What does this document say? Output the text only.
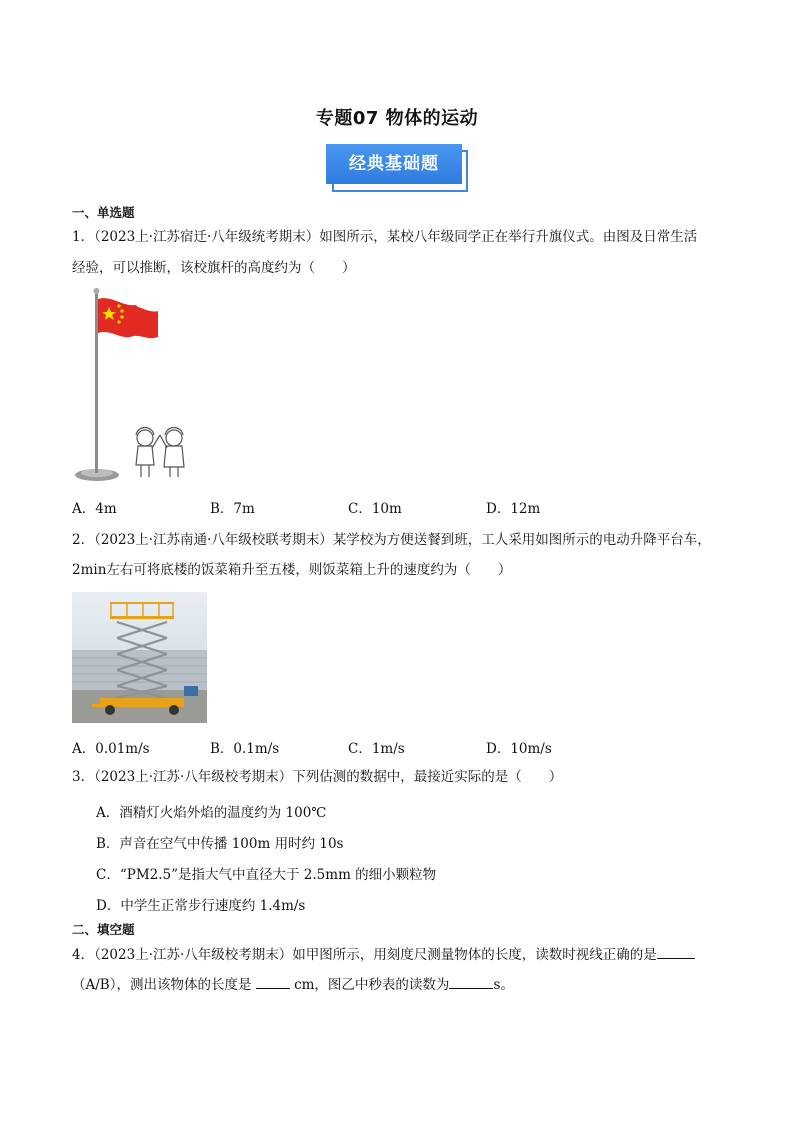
专题07 物体的运动
经典基础题
一、单选题
1．（2023上·江苏宿迁·八年级统考期末）如图所示，某校八年级同学正在举行升旗仪式。由图及日常生活
经验，可以推断，该校旗杆的高度约为（　　）
A．4m	B．7m	C．10m	D．12m
2．（2023上·江苏南通·八年级校联考期末）某学校为方便送餐到班，工人采用如图所示的电动升降平台车，
2min左右可将底楼的饭菜箱升至五楼，则饭菜箱上升的速度约为（　　）
A．0.01m/s	B．0.1m/s	C．1m/s	D．10m/s
3．（2023上·江苏·八年级校考期末）下列估测的数据中，最接近实际的是（　　）
A．酒精灯火焰外焰的温度约为 100℃
B．声音在空气中传播 100m 用时约 10s
C．“PM2.5”是指大气中直径大于 2.5mm 的细小颗粒物
D．中学生正常步行速度约 1.4m/s
二、填空题
4．（2023上·江苏·八年级校考期末）如甲图所示，用刻度尺测量物体的长度，读数时视线正确的是
（A/B），测出该物体的长度是	cm，图乙中秒表的读数为	s。
